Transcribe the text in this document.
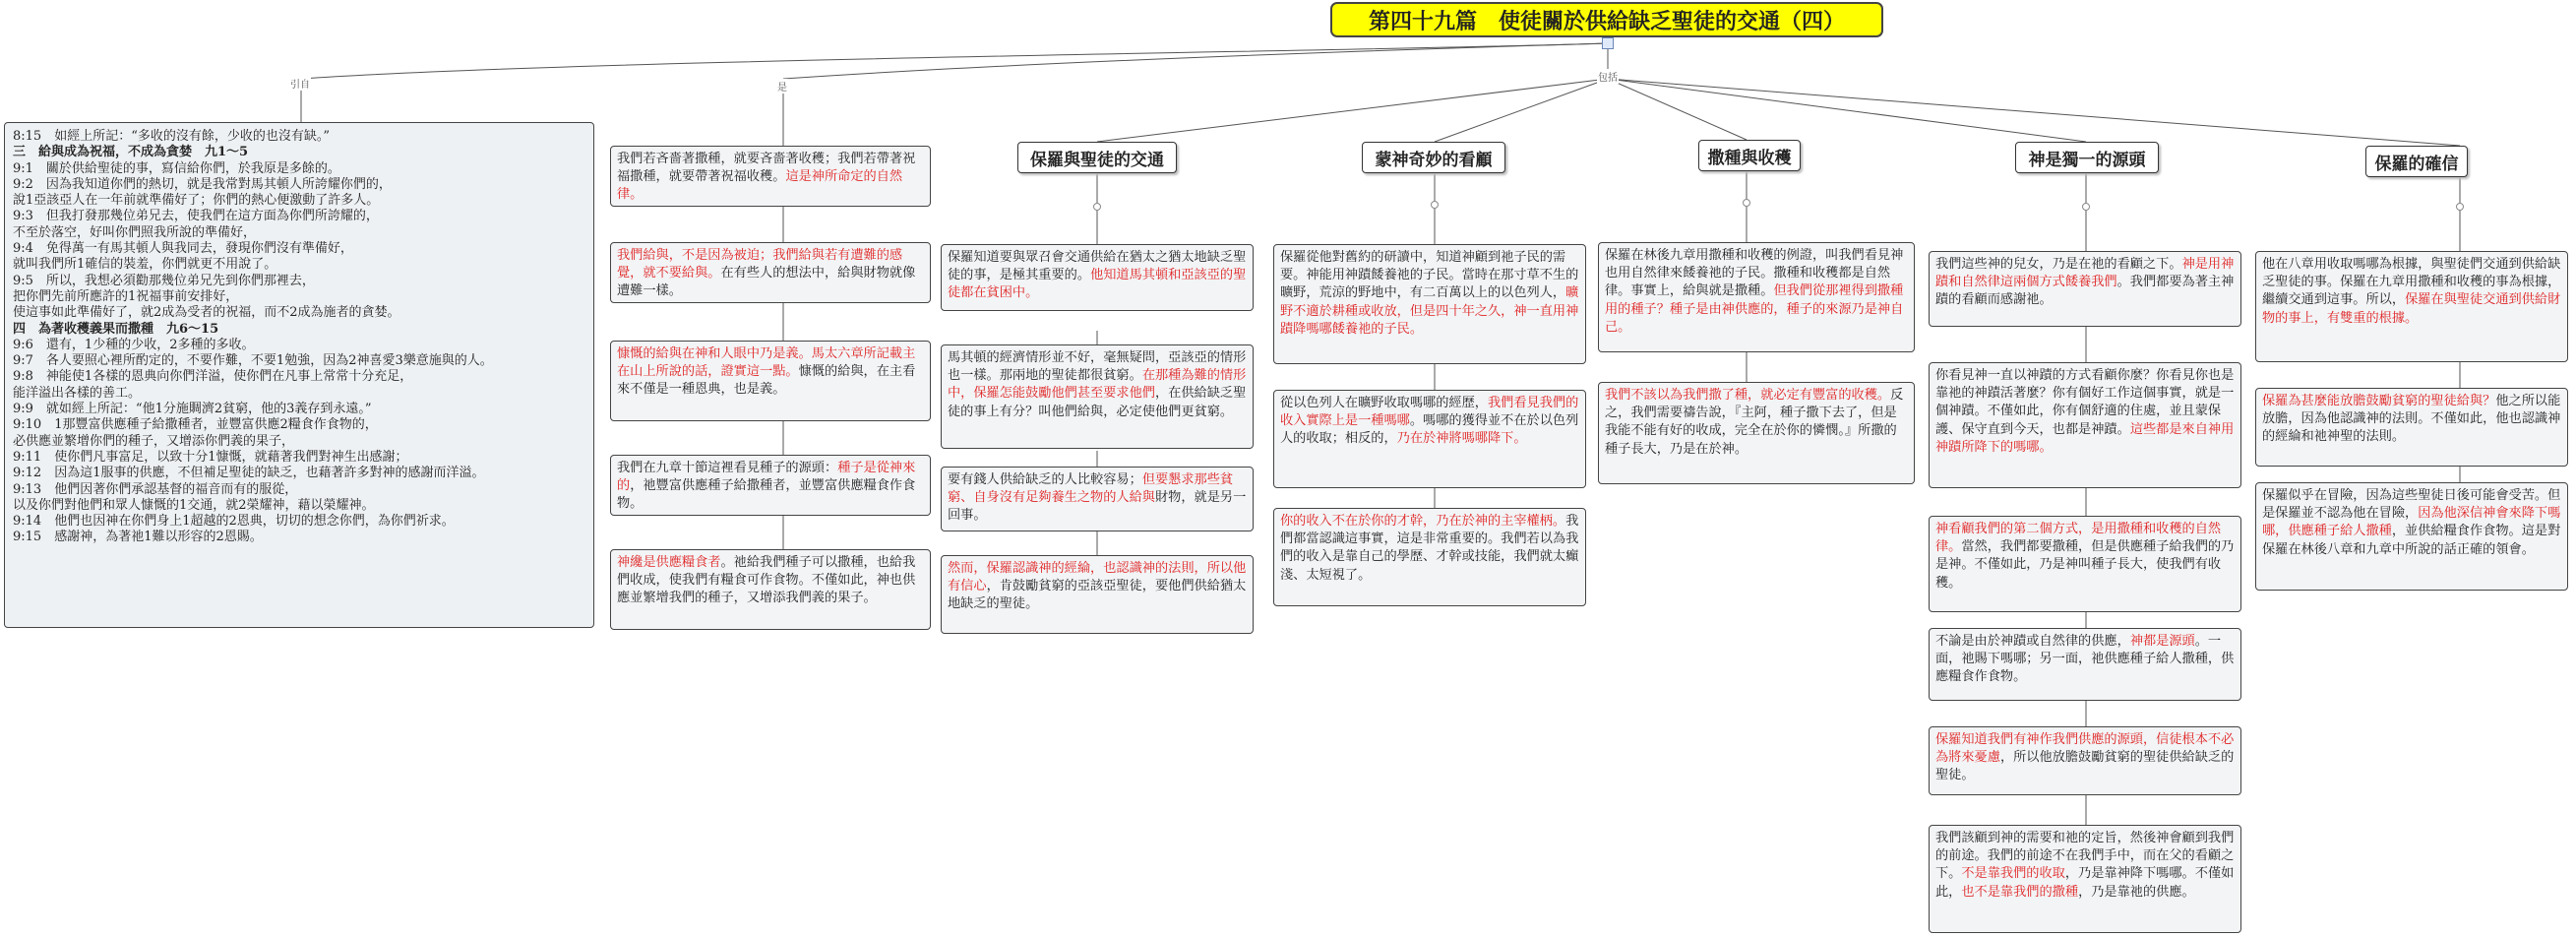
第四十九篇　使徒關於供給缺乏聖徒的交通（四）
引自	是
包括
8:15　如經上所記：“多收的沒有餘，少收的也沒有缺。”
三　給與成為祝福，不成為貪婪　九1～5
9:1　關於供給聖徒的事，寫信給你們，於我原是多餘的。
9:2　因為我知道你們的熱切，就是我常對馬其頓人所誇耀你們的，
說1亞該亞人在一年前就準備好了；你們的熱心便激動了許多人。
9:3　但我打發那幾位弟兄去，使我們在這方面為你們所誇耀的，
不至於落空，好叫你們照我所說的準備好，
9:4　免得萬一有馬其頓人與我同去，發現你們沒有準備好，
就叫我們所1確信的裝羞，你們就更不用說了。
9:5　所以，我想必須勸那幾位弟兄先到你們那裡去，
把你們先前所應許的1祝福事前安排好，
使這事如此準備好了，就2成為受者的祝福，而不2成為施者的貪婪。
四　為著收穫義果而撒種　九6～15
9:6　還有，1少種的少收，2多種的多收。
9:7　各人要照心裡所酌定的，不要作難，不要1勉強，因為2神喜愛3樂意施與的人。
9:8　神能使1各樣的恩典向你們洋溢，使你們在凡事上常常十分充足，
能洋溢出各樣的善工。
9:9　就如經上所記：“他1分施賙濟2貧窮，他的3義存到永遠。”
9:10　1那豐富供應種子給撒種者，並豐富供應2糧食作食物的，
必供應並繁增你們的種子，又增添你們義的果子，
9:11　使你們凡事富足，以致十分1慷慨，就藉著我們對神生出感謝；
9:12　因為這1服事的供應，不但補足聖徒的缺乏，也藉著許多對神的感謝而洋溢。
9:13　他們因著你們承認基督的福音而有的服從，
以及你們對他們和眾人慷慨的1交通，就2榮耀神，藉以榮耀神。
9:14　他們也因神在你們身上1超越的2恩典，切切的想念你們，為你們祈求。
9:15　感謝神，為著祂1難以形容的2恩賜。
我們若吝嗇著撒種，就要吝嗇著收穫；我們若帶著祝福撒種，就要帶著祝福收穫。這是神所命定的自然律。
我們給與，不是因為被迫；我們給與若有遭難的感覺，就不要給與。在有些人的想法中，給與財物就像遭難一樣。
慷慨的給與在神和人眼中乃是義。馬太六章所記載主在山上所說的話，證實這一點。慷慨的給與，在主看來不僅是一種恩典，也是義。
我們在九章十節這裡看見種子的源頭：種子是從神來的，祂豐富供應種子給撒種者，並豐富供應糧食作食物。
神纔是供應糧食者。祂給我們種子可以撒種，也給我們收成，使我們有糧食可作食物。不僅如此，神也供應並繁增我們的種子，又增添我們義的果子。
保羅與聖徒的交通	蒙神奇妙的看顧	撒種與收穫	神是獨一的源頭	保羅的確信
保羅知道要與眾召會交通供給在猶太之猶太地缺乏聖徒的事，是極其重要的。他知道馬其頓和亞該亞的聖徒都在貧困中。
馬其頓的經濟情形並不好，毫無疑問，亞該亞的情形也一樣。那兩地的聖徒都很貧窮。在那種為難的情形中，保羅怎能鼓勵他們甚至要求他們，在供給缺乏聖徒的事上有分？叫他們給與，必定使他們更貧窮。
要有錢人供給缺乏的人比較容易；但要懇求那些貧窮、自身沒有足夠養生之物的人給與財物，就是另一回事。
然而，保羅認識神的經綸，也認識神的法則，所以他有信心，肯鼓勵貧窮的亞該亞聖徒，要他們供給猶太地缺乏的聖徒。
保羅從他對舊約的研讀中，知道神顧到祂子民的需要。神能用神蹟餧養祂的子民。當時在那寸草不生的曠野，荒涼的野地中，有二百萬以上的以色列人，曠野不適於耕種或收放，但是四十年之久，神一直用神蹟降嗎哪餧養祂的子民。
從以色列人在曠野收取嗎哪的經歷，我們看見我們的收入實際上是一種嗎哪。嗎哪的獲得並不在於以色列人的收取；相反的，乃在於神將嗎哪降下。
你的收入不在於你的才幹，乃在於神的主宰權柄。我們都當認識這事實，這是非常重要的。我們若以為我們的收入是靠自己的學歷、才幹或技能，我們就太癲淺、太短視了。
保羅在林後九章用撒種和收穫的例證，叫我們看見神也用自然律來餧養祂的子民。撒種和收穫都是自然律。事實上，給與就是撒種。但我們從那裡得到撒種用的種子？種子是由神供應的，種子的來源乃是神自己。
我們不該以為我們撒了種，就必定有豐富的收穫。反之，我們需要禱告說，『主阿，種子撒下去了，但是我能不能有好的收成，完全在於你的憐憫。』所撒的種子長大，乃是在於神。
我們這些神的兒女，乃是在祂的看顧之下。神是用神蹟和自然律這兩個方式餧養我們。我們都要為著主神蹟的看顧而感謝祂。
你看見神一直以神蹟的方式看顧你麼？你看見你也是靠祂的神蹟活著麼？你有個好工作這個事實，就是一個神蹟。不僅如此，你有個舒適的住處，並且蒙保護、保守直到今天，也都是神蹟。這些都是來自神用神蹟所降下的嗎哪。
神看顧我們的第二個方式，是用撒種和收穫的自然律。當然，我們都要撒種，但是供應種子給我們的乃是神。不僅如此，乃是神叫種子長大，使我們有收穫。
不論是由於神蹟或自然律的供應，神都是源頭。一面，祂賜下嗎哪；另一面，祂供應種子給人撒種，供應糧食作食物。
保羅知道我們有神作我們供應的源頭，信徒根本不必為將來憂慮，所以他放膽鼓勵貧窮的聖徒供給缺乏的聖徒。
我們該顧到神的需要和祂的定旨，然後神會顧到我們的前途。我們的前途不在我們手中，而在父的看顧之下。不是靠我們的收取，乃是靠神降下嗎哪。不僅如此，也不是靠我們的撒種，乃是靠祂的供應。
他在八章用收取嗎哪為根據，與聖徒們交通到供給缺乏聖徒的事。保羅在九章用撒種和收穫的事為根據，繼續交通到這事。所以，保羅在與聖徒交通到供給財物的事上，有雙重的根據。
保羅為甚麼能放膽鼓勵貧窮的聖徒給與？他之所以能放膽，因為他認識神的法則。不僅如此，他也認識神的經綸和祂神聖的法則。
保羅似乎在冒險，因為這些聖徒日後可能會受苦。但是保羅並不認為他在冒險，因為他深信神會來降下嗎哪，供應種子給人撒種，並供給糧食作食物。這是對保羅在林後八章和九章中所說的話正確的領會。
